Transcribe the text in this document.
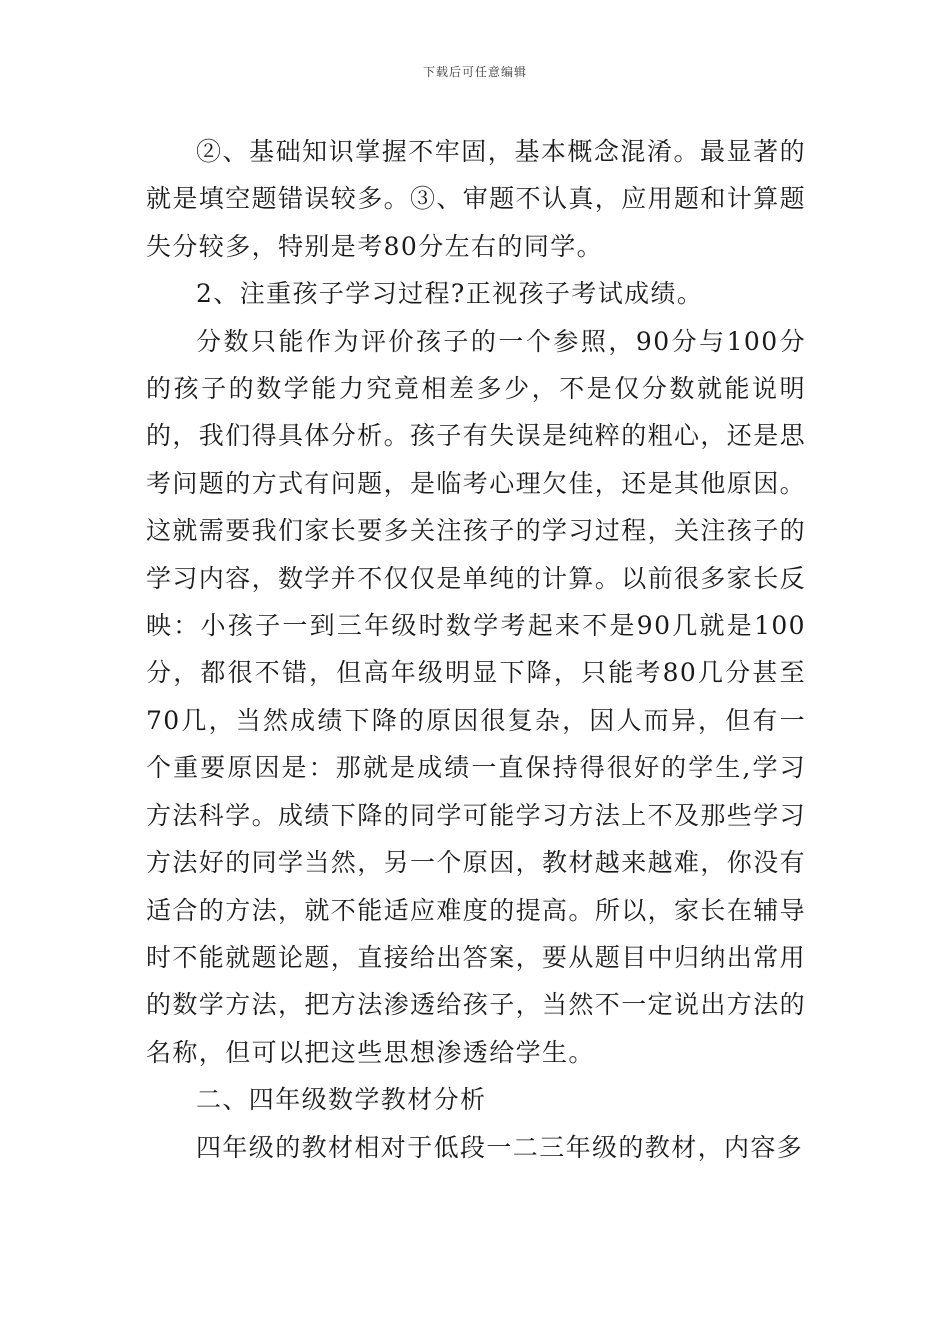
下载后可任意编辑

②、基础知识掌握不牢固，基本概念混淆。最显著的就是填空题错误较多。③、审题不认真，应用题和计算题失分较多，特别是考80分左右的同学。

2、注重孩子学习过程?正视孩子考试成绩。

分数只能作为评价孩子的一个参照，90分与100分的孩子的数学能力究竟相差多少，不是仅分数就能说明的，我们得具体分析。孩子有失误是纯粹的粗心，还是思考问题的方式有问题，是临考心理欠佳，还是其他原因。这就需要我们家长要多关注孩子的学习过程，关注孩子的学习内容，数学并不仅仅是单纯的计算。以前很多家长反映：小孩子一到三年级时数学考起来不是90几就是100分，都很不错，但高年级明显下降，只能考80几分甚至70几，当然成绩下降的原因很复杂，因人而异，但有一个重要原因是：那就是成绩一直保持得很好的学生,学习方法科学。成绩下降的同学可能学习方法上不及那些学习方法好的同学当然，另一个原因，教材越来越难，你没有适合的方法，就不能适应难度的提高。所以，家长在辅导时不能就题论题，直接给出答案，要从题目中归纳出常用的数学方法，把方法渗透给孩子，当然不一定说出方法的名称，但可以把这些思想渗透给学生。

二、四年级数学教材分析

四年级的教材相对于低段一二三年级的教材，内容多
